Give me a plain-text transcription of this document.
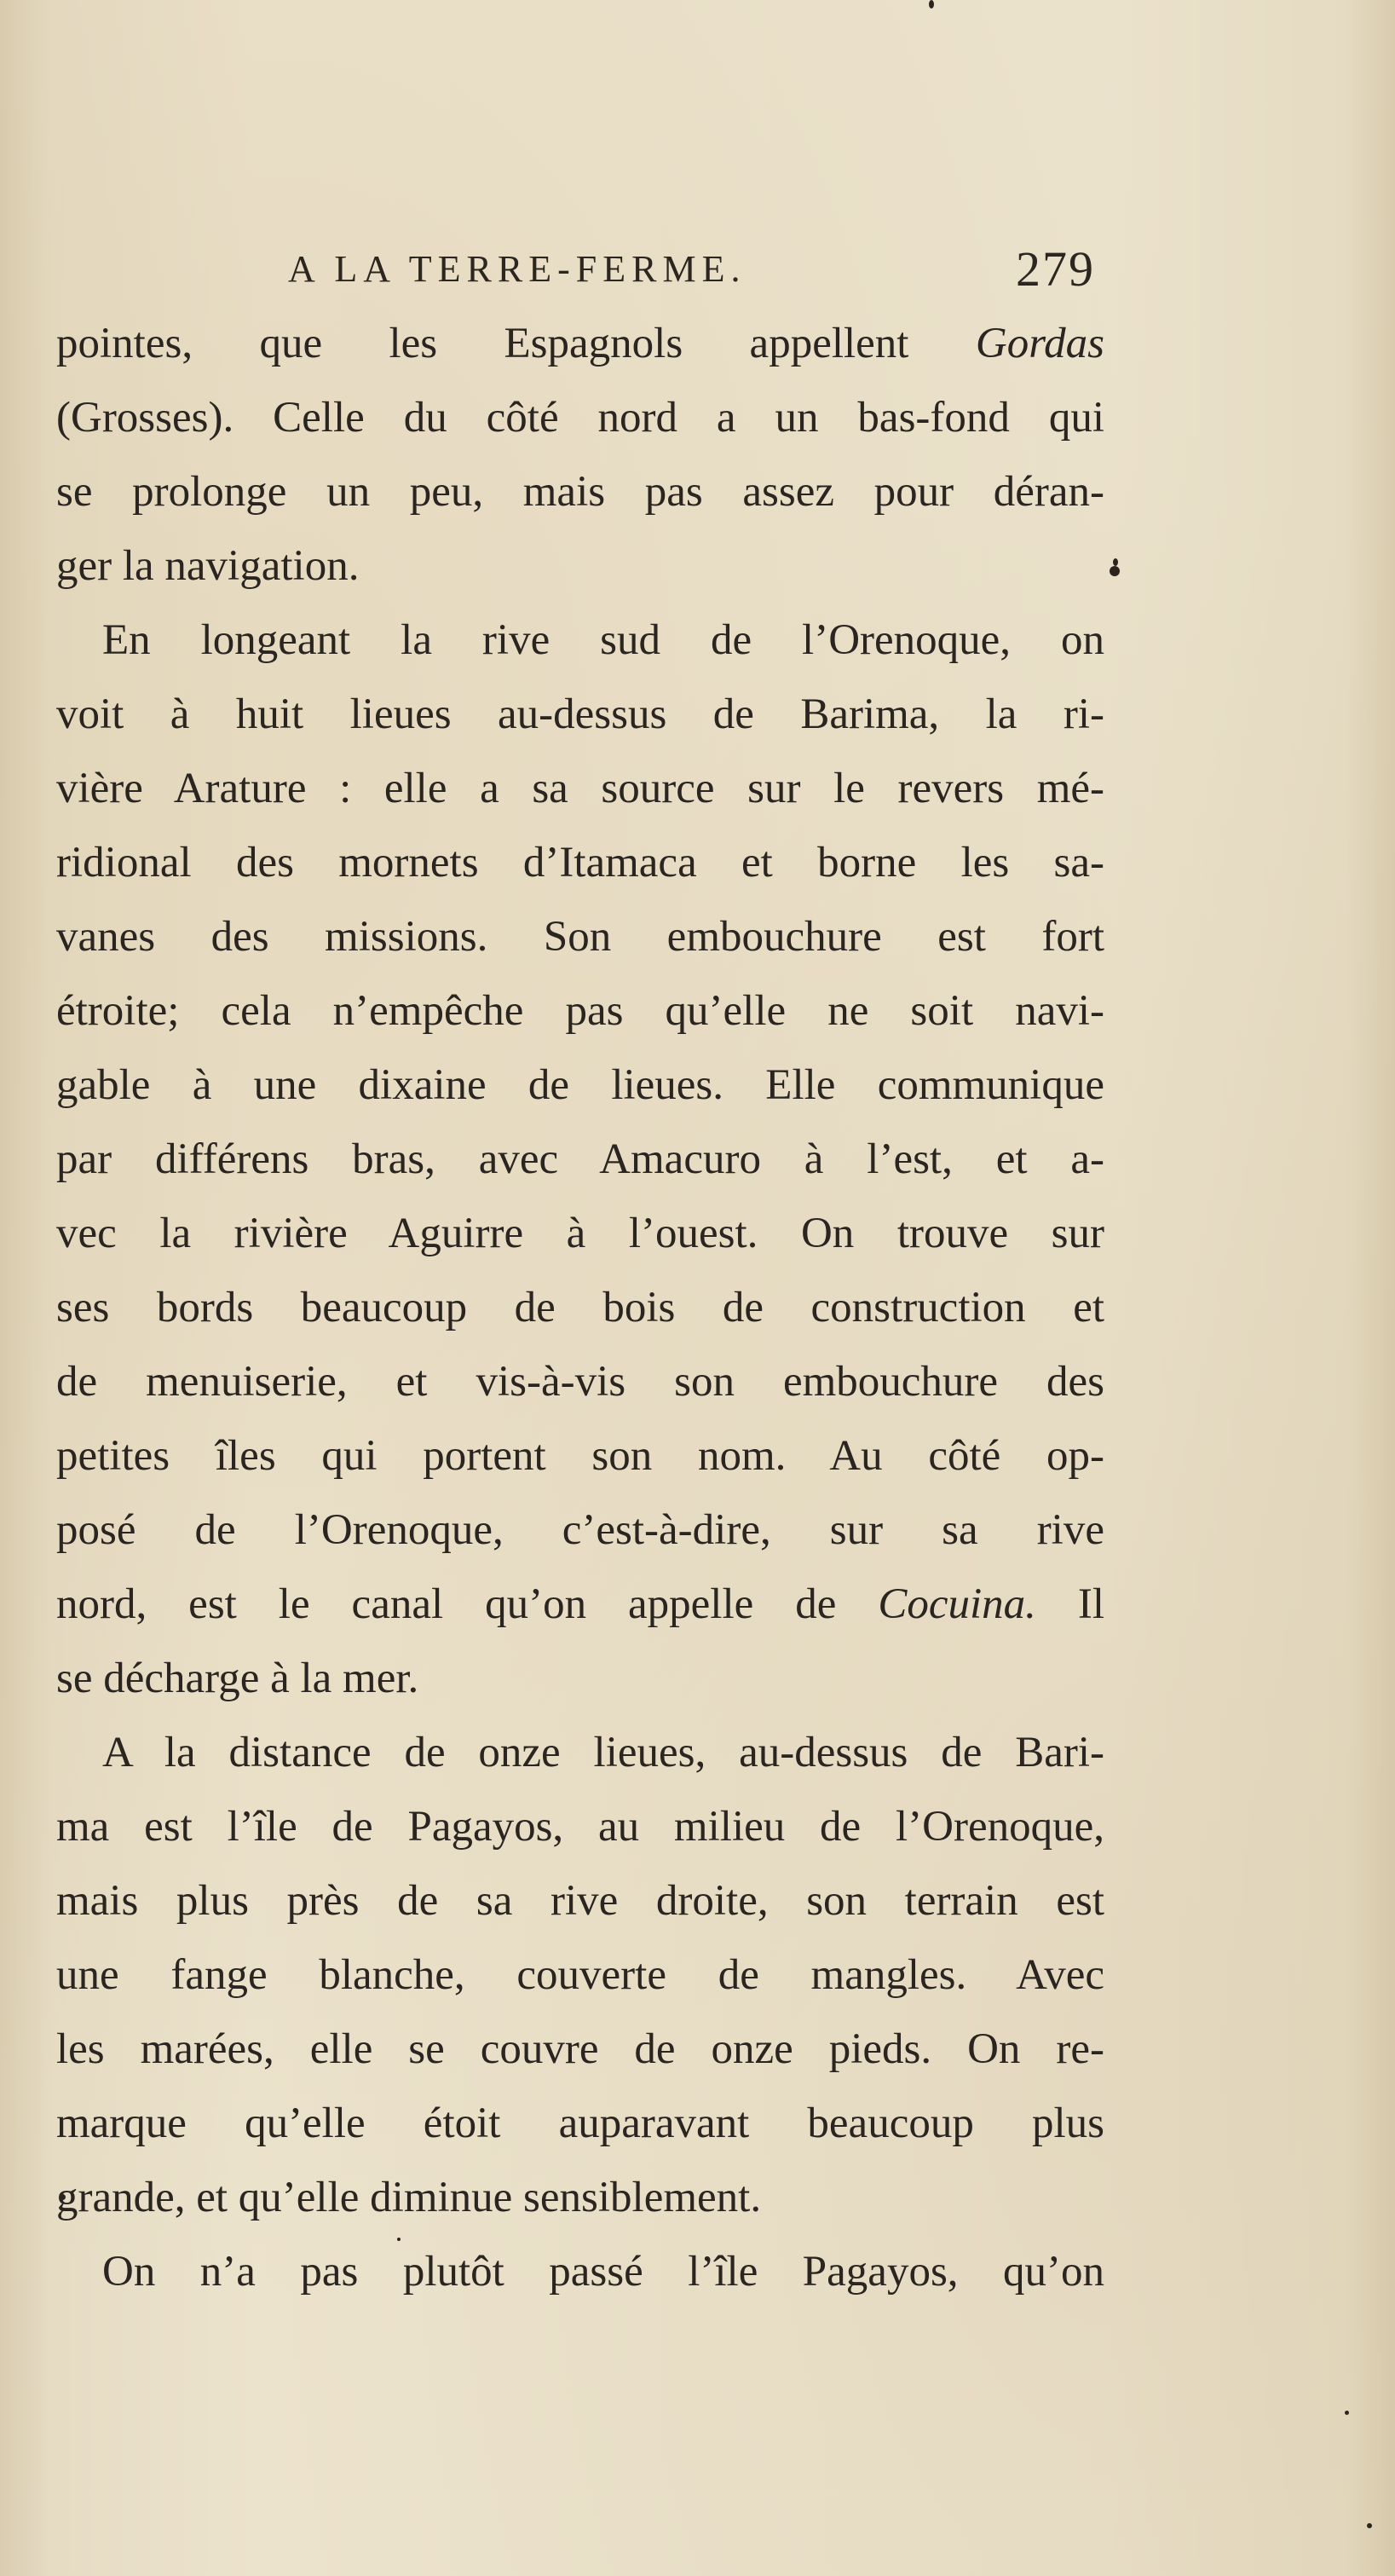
A LA TERRE-FERME.	279
pointes, que les Espagnols appellent Gordas
(Grosses). Celle du côté nord a un bas-fond qui
se prolonge un peu, mais pas assez pour déran-
ger la navigation.
En longeant la rive sud de l’Orenoque, on
voit à huit lieues au-dessus de Barima, la ri-
vière Arature : elle a sa source sur le revers mé-
ridional des mornets d’Itamaca et borne les sa-
vanes des missions. Son embouchure est fort
étroite; cela n’empêche pas qu’elle ne soit navi-
gable à une dixaine de lieues. Elle communique
par différens bras, avec Amacuro à l’est, et a-
vec la rivière Aguirre à l’ouest. On trouve sur
ses bords beaucoup de bois de construction et
de menuiserie, et vis-à-vis son embouchure des
petites îles qui portent son nom. Au côté op-
posé de l’Orenoque, c’est-à-dire, sur sa rive
nord, est le canal qu’on appelle de Cocuina. Il
se décharge à la mer.
A la distance de onze lieues, au-dessus de Bari-
ma est l’île de Pagayos, au milieu de l’Orenoque,
mais plus près de sa rive droite, son terrain est
une fange blanche, couverte de mangles. Avec
les marées, elle se couvre de onze pieds. On re-
marque qu’elle étoit auparavant beaucoup plus
grande, et qu’elle diminue sensiblement.
On n’a pas plutôt passé l’île Pagayos, qu’on
